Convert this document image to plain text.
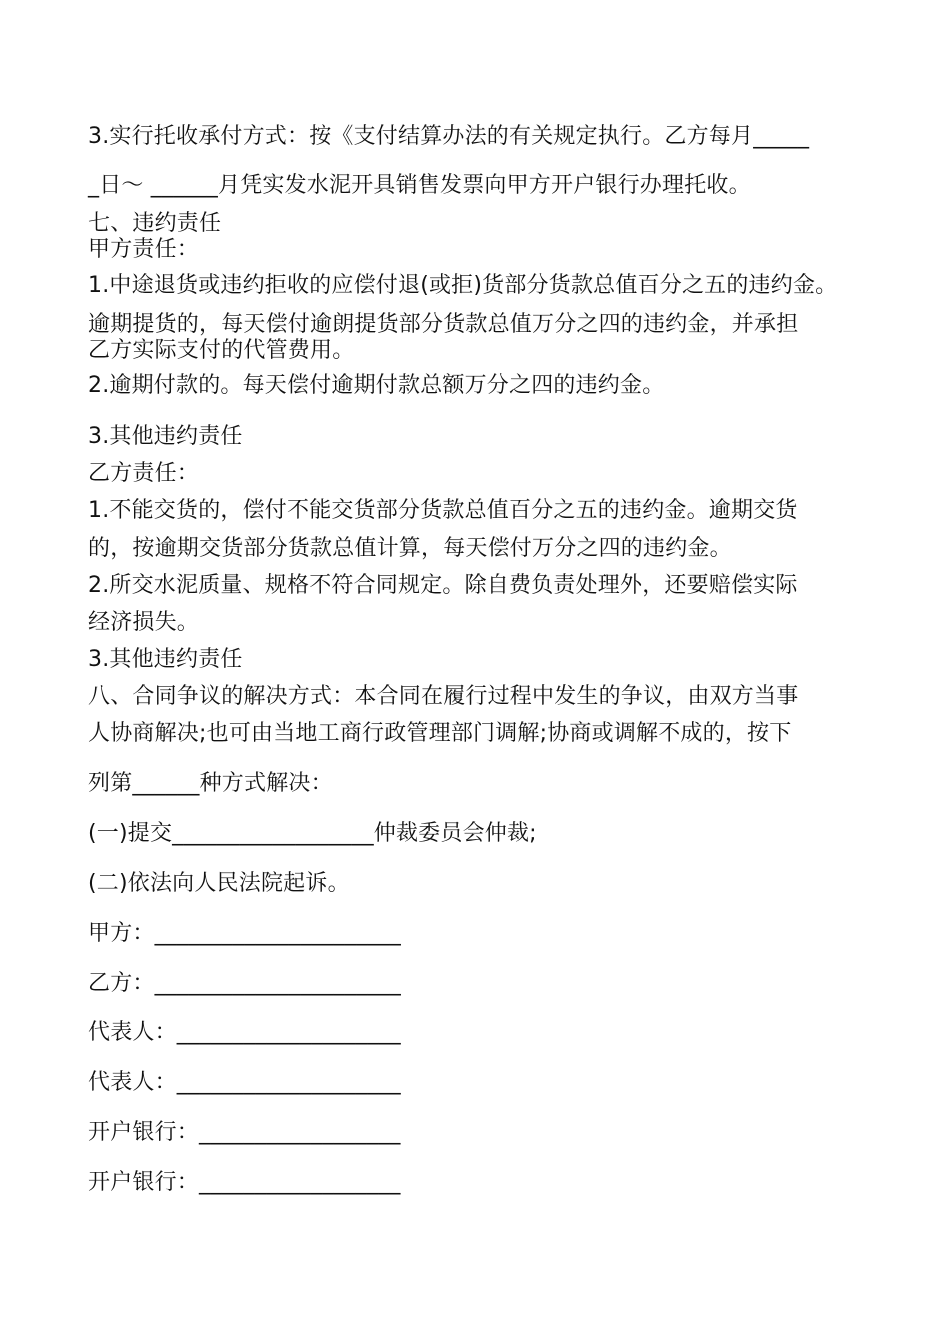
3.实行托收承付方式：按《支付结算办法的有关规定执行。乙方每月_____
_日～ ______月凭实发水泥开具销售发票向甲方开户银行办理托收。
七、违约责任
甲方责任：
1.中途退货或违约拒收的应偿付退(或拒)货部分货款总值百分之五的违约金。
逾期提货的，每天偿付逾朗提货部分货款总值万分之四的违约金，并承担
乙方实际支付的代管费用。
2.逾期付款的。每天偿付逾期付款总额万分之四的违约金。
3.其他违约责任
乙方责任：
1.不能交货的，偿付不能交货部分货款总值百分之五的违约金。逾期交货
的，按逾期交货部分货款总值计算，每天偿付万分之四的违约金。
2.所交水泥质量、规格不符合同规定。除自费负责处理外，还要赔偿实际
经济损失。
3.其他违约责任
八、合同争议的解决方式：本合同在履行过程中发生的争议，由双方当事
人协商解决;也可由当地工商行政管理部门调解;协商或调解不成的，按下
列第______种方式解决：
(一)提交__________________仲裁委员会仲裁;
(二)依法向人民法院起诉。
甲方：______________________
乙方：______________________
代表人：____________________
代表人：____________________
开户银行：__________________
开户银行：__________________
